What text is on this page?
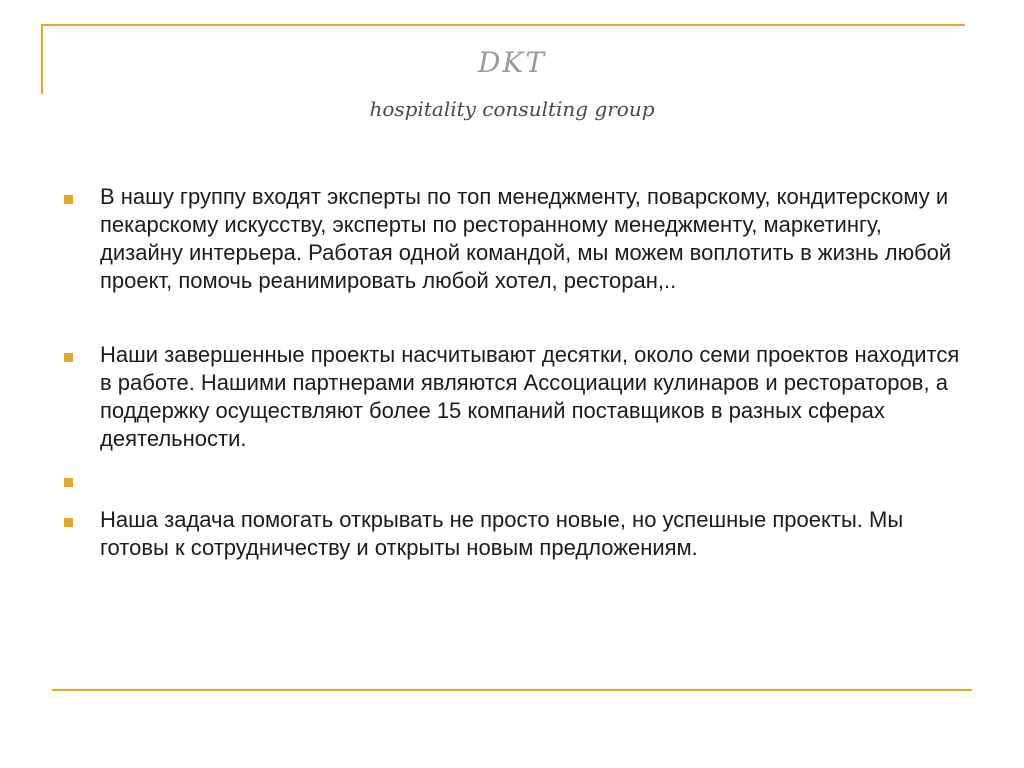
DKT
hospitality consulting group
В нашу группу входят эксперты по топ менеджменту, поварскому, кондитерскому и пекарскому искусству, эксперты по ресторанному менеджменту, маркетингу, дизайну интерьера. Работая одной командой, мы можем воплотить в жизнь любой проект, помочь реанимировать любой хотел, ресторан,..
Наши завершенные проекты насчитывают десятки, около семи проектов находится в работе. Нашими партнерами являются Ассоциации кулинаров и рестораторов, а поддержку осуществляют более 15 компаний поставщиков в разных сферах деятельности.
Наша задача помогать открывать не просто новые, но успешные проекты. Мы готовы к сотрудничеству и открыты новым предложениям.
